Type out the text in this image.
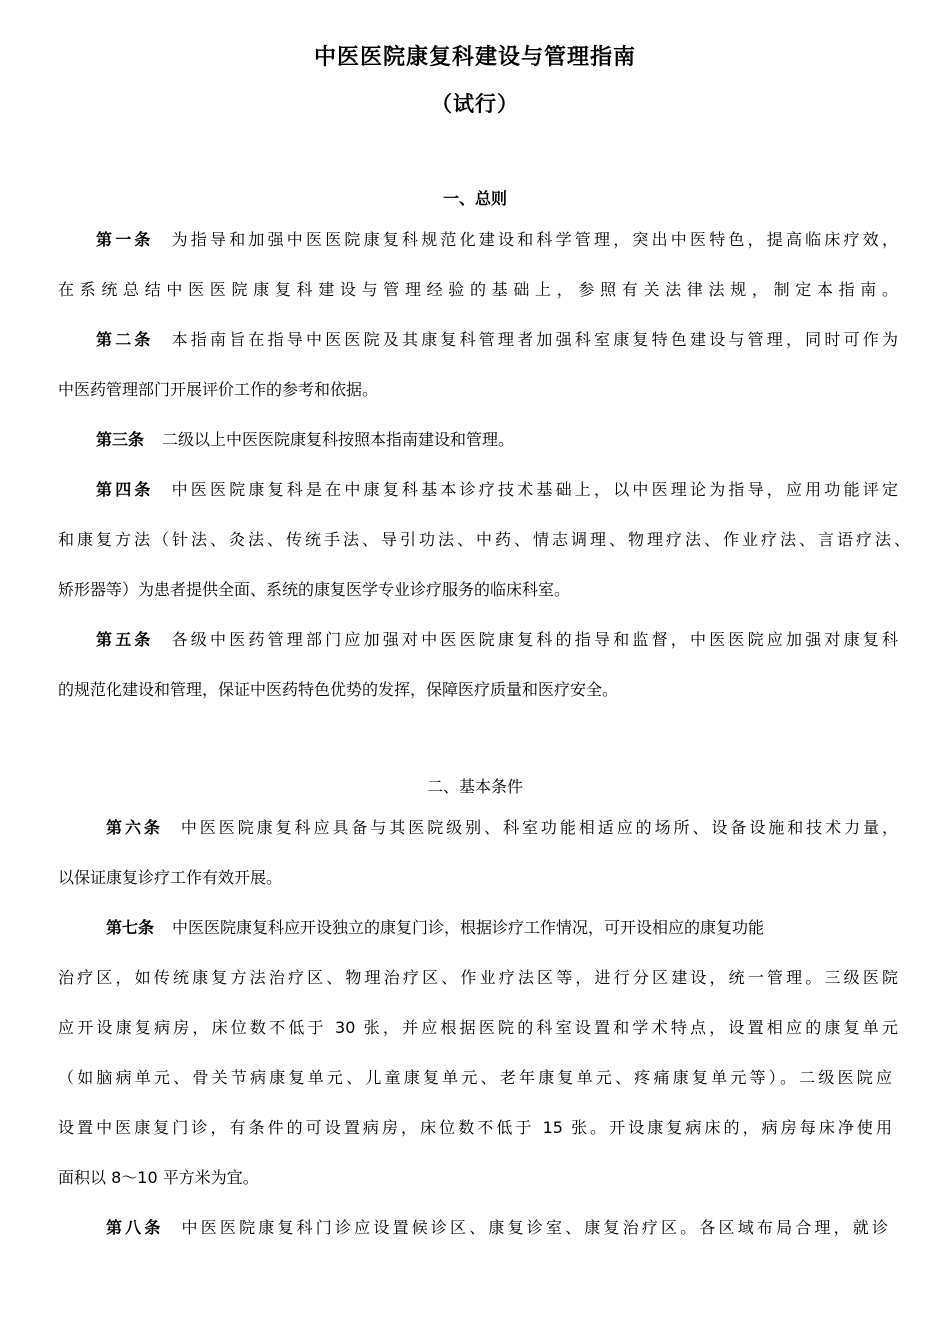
中医医院康复科建设与管理指南
（试行）
一、总则
第一条 为指导和加强中医医院康复科规范化建设和科学管理，突出中医特色，提高临床疗效，
在系统总结中医医院康复科建设与管理经验的基础上，参照有关法律法规，制定本指南。
第二条 本指南旨在指导中医医院及其康复科管理者加强科室康复特色建设与管理，同时可作为
中医药管理部门开展评价工作的参考和依据。
第三条 二级以上中医医院康复科按照本指南建设和管理。
第四条 中医医院康复科是在中康复科基本诊疗技术基础上，以中医理论为指导，应用功能评定
和康复方法（针法、灸法、传统手法、导引功法、中药、情志调理、物理疗法、作业疗法、言语疗法、
矫形器等）为患者提供全面、系统的康复医学专业诊疗服务的临床科室。
第五条 各级中医药管理部门应加强对中医医院康复科的指导和监督，中医医院应加强对康复科
的规范化建设和管理，保证中医药特色优势的发挥，保障医疗质量和医疗安全。
二、基本条件
第六条 中医医院康复科应具备与其医院级别、科室功能相适应的场所、设备设施和技术力量，
以保证康复诊疗工作有效开展。
第七条 中医医院康复科应开设独立的康复门诊，根据诊疗工作情况，可开设相应的康复功能
治疗区，如传统康复方法治疗区、物理治疗区、作业疗法区等，进行分区建设，统一管理。三级医院
应开设康复病房，床位数不低于 30 张，并应根据医院的科室设置和学术特点，设置相应的康复单元
（如脑病单元、骨关节病康复单元、儿童康复单元、老年康复单元、疼痛康复单元等）。二级医院应
设置中医康复门诊，有条件的可设置病房，床位数不低于 15 张。开设康复病床的，病房每床净使用
面积以 8～10 平方米为宜。
第八条 中医医院康复科门诊应设置候诊区、康复诊室、康复治疗区。各区域布局合理，就诊
